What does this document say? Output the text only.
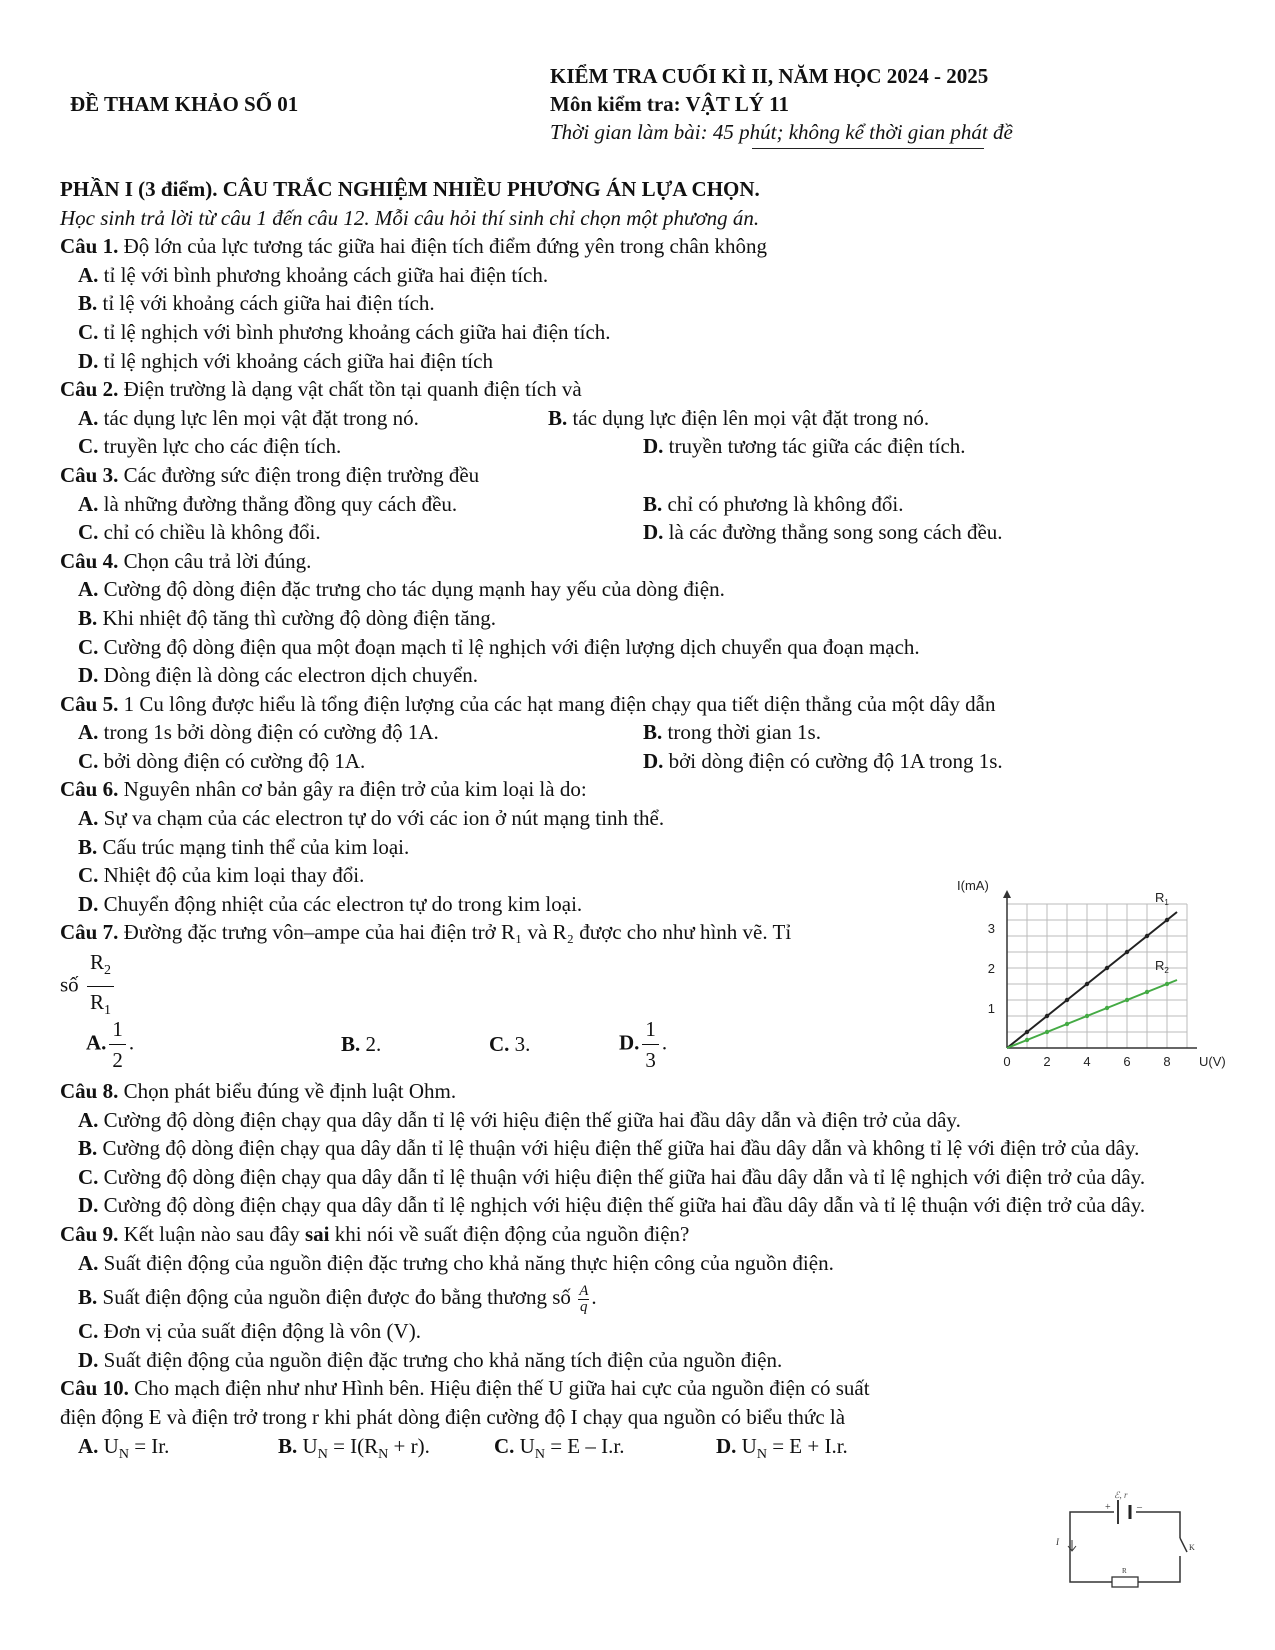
ĐỀ THAM KHẢO SỐ 01
KIỂM TRA CUỐI KÌ II, NĂM HỌC 2024 - 2025
Môn kiểm tra: VẬT LÝ 11
Thời gian làm bài: 45 phút; không kể thời gian phát đề

PHẦN I (3 điểm). CÂU TRẮC NGHIỆM NHIỀU PHƯƠNG ÁN LỰA CHỌN.

Học sinh trả lời từ câu 1 đến câu 12. Mỗi câu hỏi thí sinh chỉ chọn một phương án.

Câu 1. Độ lớn của lực tương tác giữa hai điện tích điểm đứng yên trong chân không

A. tỉ lệ với bình phương khoảng cách giữa hai điện tích.

B. tỉ lệ với khoảng cách giữa hai điện tích.

C. tỉ lệ nghịch với bình phương khoảng cách giữa hai điện tích.

D. tỉ lệ nghịch với khoảng cách giữa hai điện tích

Câu 2. Điện trường là dạng vật chất tồn tại quanh điện tích và

A. tác dụng lực lên mọi vật đặt trong nó.	B. tác dụng lực điện lên mọi vật đặt trong nó.
C. truyền lực cho các điện tích.	D. truyền tương tác giữa các điện tích.

Câu 3. Các đường sức điện trong điện trường đều

A. là những đường thẳng đồng quy cách đều.	B. chỉ có phương là không đổi.
C. chỉ có chiều là không đổi.	D. là các đường thẳng song song cách đều.

Câu 4. Chọn câu trả lời đúng.

A. Cường độ dòng điện đặc trưng cho tác dụng mạnh hay yếu của dòng điện.

B. Khi nhiệt độ tăng thì cường độ dòng điện tăng.

C. Cường độ dòng điện qua một đoạn mạch tỉ lệ nghịch với điện lượng dịch chuyển qua đoạn mạch.

D. Dòng điện là dòng các electron dịch chuyển.

Câu 5. 1 Cu lông được hiểu là tổng điện lượng của các hạt mang điện chạy qua tiết diện thẳng của một dây dẫn

A. trong 1s bởi dòng điện có cường độ 1A.	B. trong thời gian 1s.
C. bởi dòng điện có cường độ 1A.	D. bởi dòng điện có cường độ 1A trong 1s.

Câu 6. Nguyên nhân cơ bản gây ra điện trở của kim loại là do:

A. Sự va chạm của các electron tự do với các ion ở nút mạng tinh thể.

B. Cấu trúc mạng tinh thể của kim loại.

C. Nhiệt độ của kim loại thay đổi.

D. Chuyển động nhiệt của các electron tự do trong kim loại.

Câu 7. Đường đặc trưng vôn–ampe của hai điện trở R₁ và R₂ được cho như hình vẽ. Tỉ

số $\frac{R_2}{R_1}$

A. $\frac{1}{2}$ .	B. 2.	C. 3.	D. $\frac{1}{3}$ .

Câu 8. Chọn phát biểu đúng về định luật Ohm.

A. Cường độ dòng điện chạy qua dây dẫn tỉ lệ với hiệu điện thế giữa hai đầu dây dẫn và điện trở của dây.

B. Cường độ dòng điện chạy qua dây dẫn tỉ lệ thuận với hiệu điện thế giữa hai đầu dây dẫn và không tỉ lệ với điện trở của dây.

C. Cường độ dòng điện chạy qua dây dẫn tỉ lệ thuận với hiệu điện thế giữa hai đầu dây dẫn và tỉ lệ nghịch với điện trở của dây.

D. Cường độ dòng điện chạy qua dây dẫn tỉ lệ nghịch với hiệu điện thế giữa hai đầu dây dẫn và tỉ lệ thuận với điện trở của dây.

Câu 9. Kết luận nào sau đây sai khi nói về suất điện động của nguồn điện?

A. Suất điện động của nguồn điện đặc trưng cho khả năng thực hiện công của nguồn điện.

B. Suất điện động của nguồn điện được đo bằng thương số $\frac{A}{q}$.

C. Đơn vị của suất điện động là vôn (V).

D. Suất điện động của nguồn điện đặc trưng cho khả năng tích điện của nguồn điện.

Câu 10. Cho mạch điện như như Hình bên. Hiệu điện thế U giữa hai cực của nguồn điện có suất

điện động E và điện trở trong r khi phát dòng điện cường độ I chạy qua nguồn có biểu thức là

A. $U_N = Ir$.	B. $U_N = I(R_N + r)$.	C. $U_N = E - I.r$.	D. $U_N = E + I.r$.
0	2	4	6	8
1
2
3
U(V)
I(mA)
$R_1$
$R_2$
ℰ, r
+	–
I
K
R
